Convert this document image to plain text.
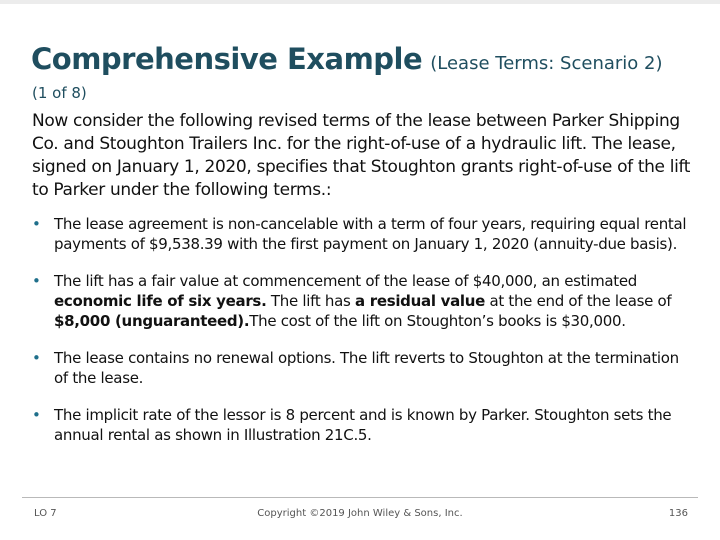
Comprehensive Example (Lease Terms: Scenario 2)
(1 of 8)

Now consider the following revised terms of the lease between Parker Shipping Co. and Stoughton Trailers Inc. for the right-of-use of a hydraulic lift. The lease, signed on January 1, 2020, specifies that Stoughton grants right-of-use of the lift to Parker under the following terms.:

• The lease agreement is non-cancelable with a term of four years, requiring equal rental payments of $9,538.39 with the first payment on January 1, 2020 (annuity-due basis).
• The lift has a fair value at commencement of the lease of $40,000, an estimated economic life of six years. The lift has a residual value at the end of the lease of $8,000 (unguaranteed).The cost of the lift on Stoughton’s books is $30,000.
• The lease contains no renewal options. The lift reverts to Stoughton at the termination of the lease.
• The implicit rate of the lessor is 8 percent and is known by Parker. Stoughton sets the annual rental as shown in Illustration 21C.5.
LO 7	Copyright ©2019 John Wiley & Sons, Inc.	136
